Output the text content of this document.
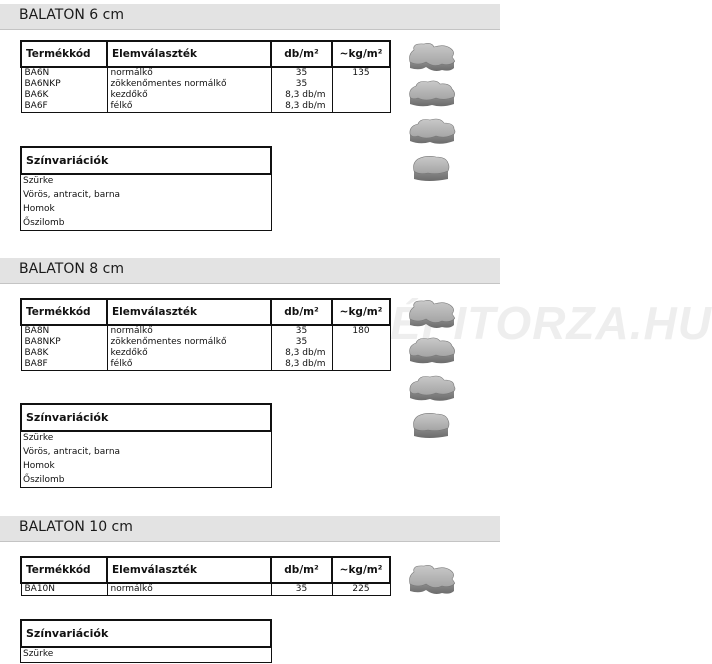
ÉPITORZA.HU
BALATON 6 cm
Termékkód	Elemválaszték	db/m²	~kg/m²
BA6N	normálkő	35	135
BA6NKP	zökkenőmentes normálkő	35	
BA6K	kezdőkő	8,3 db/m	
BA6F	félkő	8,3 db/m	
Színvariációk
Szürke
Vörös, antracit, barna
Homok
Őszilomb
BALATON 8 cm
Termékkód	Elemválaszték	db/m²	~kg/m²
BA8N	normálkő	35	180
BA8NKP	zökkenőmentes normálkő	35	
BA8K	kezdőkő	8,3 db/m	
BA8F	félkő	8,3 db/m	
Színvariációk
Szürke
Vörös, antracit, barna
Homok
Őszilomb
BALATON 10 cm
Termékkód	Elemválaszték	db/m²	~kg/m²
BA10N	normálkő	35	225
Színvariációk
Szürke
